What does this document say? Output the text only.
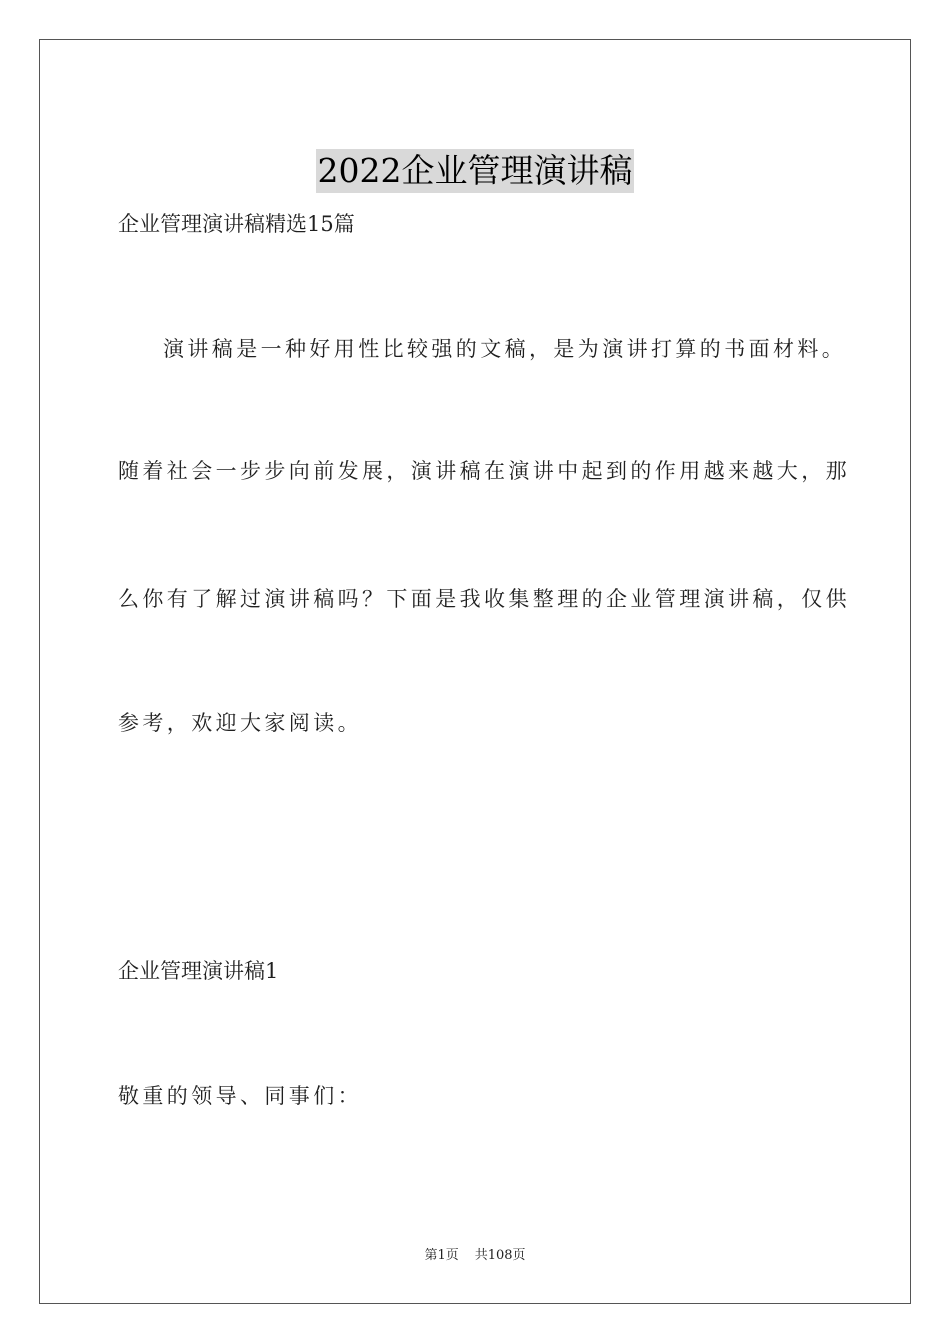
2022企业管理演讲稿
企业管理演讲稿精选15篇
演讲稿是一种好用性比较强的文稿，是为演讲打算的书面材料。
随着社会一步步向前发展，演讲稿在演讲中起到的作用越来越大，那
么你有了解过演讲稿吗？下面是我收集整理的企业管理演讲稿，仅供
参考，欢迎大家阅读。
企业管理演讲稿1
敬重的领导、同事们：
第1页 共108页
